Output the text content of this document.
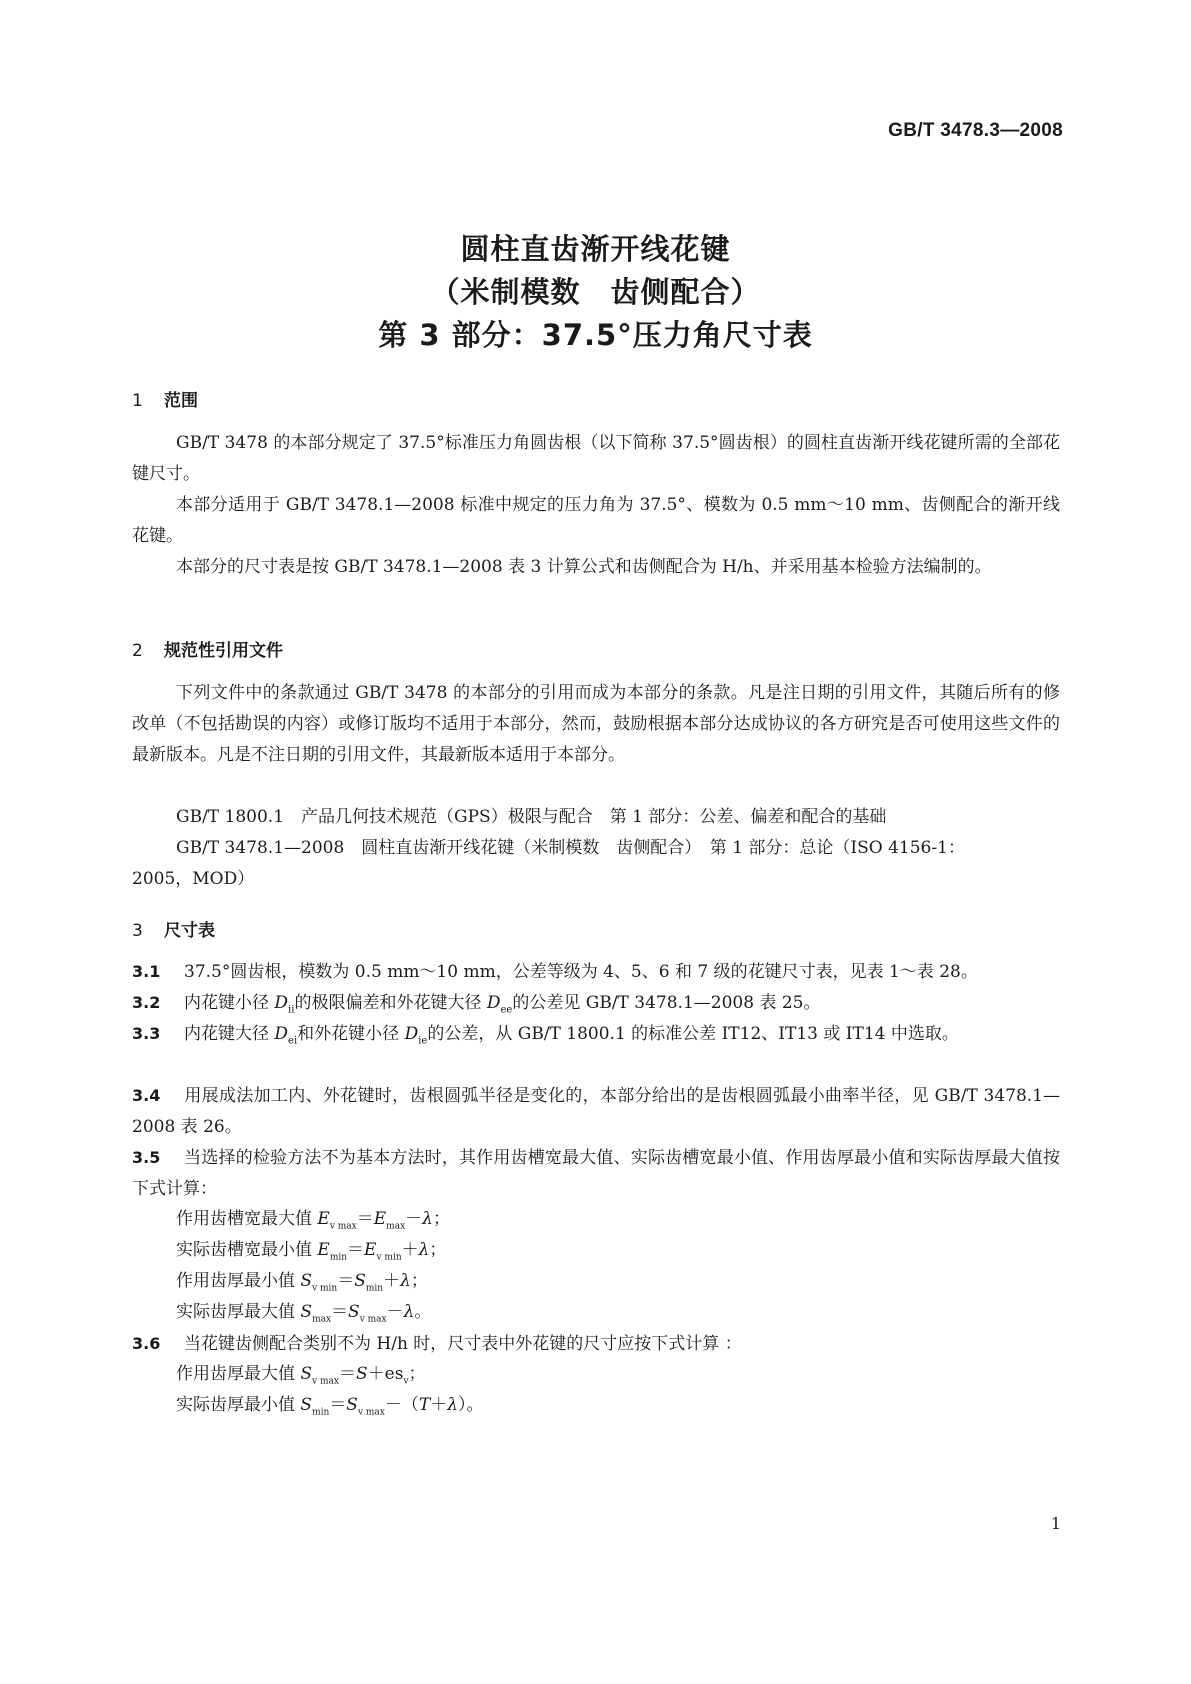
GB/T 3478.3—2008
圆柱直齿渐开线花键
（米制模数　齿侧配合）
第 3 部分：37.5°压力角尺寸表
1 范围
GB/T 3478 的本部分规定了 37.5°标准压力角圆齿根（以下简称 37.5°圆齿根）的圆柱直齿渐开线花键所需的全部花键尺寸。
本部分适用于 GB/T 3478.1—2008 标准中规定的压力角为 37.5°、模数为 0.5 mm～10 mm、齿侧配合的渐开线花键。
本部分的尺寸表是按 GB/T 3478.1—2008 表 3 计算公式和齿侧配合为 H/h、并采用基本检验方法编制的。
2 规范性引用文件
下列文件中的条款通过 GB/T 3478 的本部分的引用而成为本部分的条款。凡是注日期的引用文件，其随后所有的修改单（不包括勘误的内容）或修订版均不适用于本部分，然而，鼓励根据本部分达成协议的各方研究是否可使用这些文件的最新版本。凡是不注日期的引用文件，其最新版本适用于本部分。
GB/T 1800.1　产品几何技术规范（GPS）极限与配合　第 1 部分：公差、偏差和配合的基础
GB/T 3478.1—2008　圆柱直齿渐开线花键（米制模数　齿侧配合）　第 1 部分：总论（ISO 4156-1：
2005，MOD）
3 尺寸表
3.1 37.5°圆齿根，模数为 0.5 mm～10 mm，公差等级为 4、5、6 和 7 级的花键尺寸表，见表 1～表 28。
3.2 内花键小径 $D_{ii}$的极限偏差和外花键大径 $D_{ee}$的公差见 GB/T 3478.1—2008 表 25。
3.3 内花键大径 $D_{ei}$和外花键小径 $D_{ie}$的公差，从 GB/T 1800.1 的标准公差 IT12、IT13 或 IT14 中选取。
3.4 用展成法加工内、外花键时，齿根圆弧半径是变化的，本部分给出的是齿根圆弧最小曲率半径，见 GB/T 3478.1—2008 表 26。
3.5 当选择的检验方法不为基本方法时，其作用齿槽宽最大值、实际齿槽宽最小值、作用齿厚最小值和实际齿厚最大值按下式计算：
作用齿槽宽最大值 $E_{v max}=E_{max}-\lambda$；
实际齿槽宽最小值 $E_{min}=E_{v min}+\lambda$；
作用齿厚最小值 $S_{v min}=S_{min}+\lambda$；
实际齿厚最大值 $S_{max}=S_{v max}-\lambda$。
3.6 当花键齿侧配合类别不为 H/h 时，尺寸表中外花键的尺寸应按下式计算 ：
作用齿厚最大值 $S_{v max}=S+es_v$；
实际齿厚最小值 $S_{min}=S_{v max}-(T+\lambda)$。
1
